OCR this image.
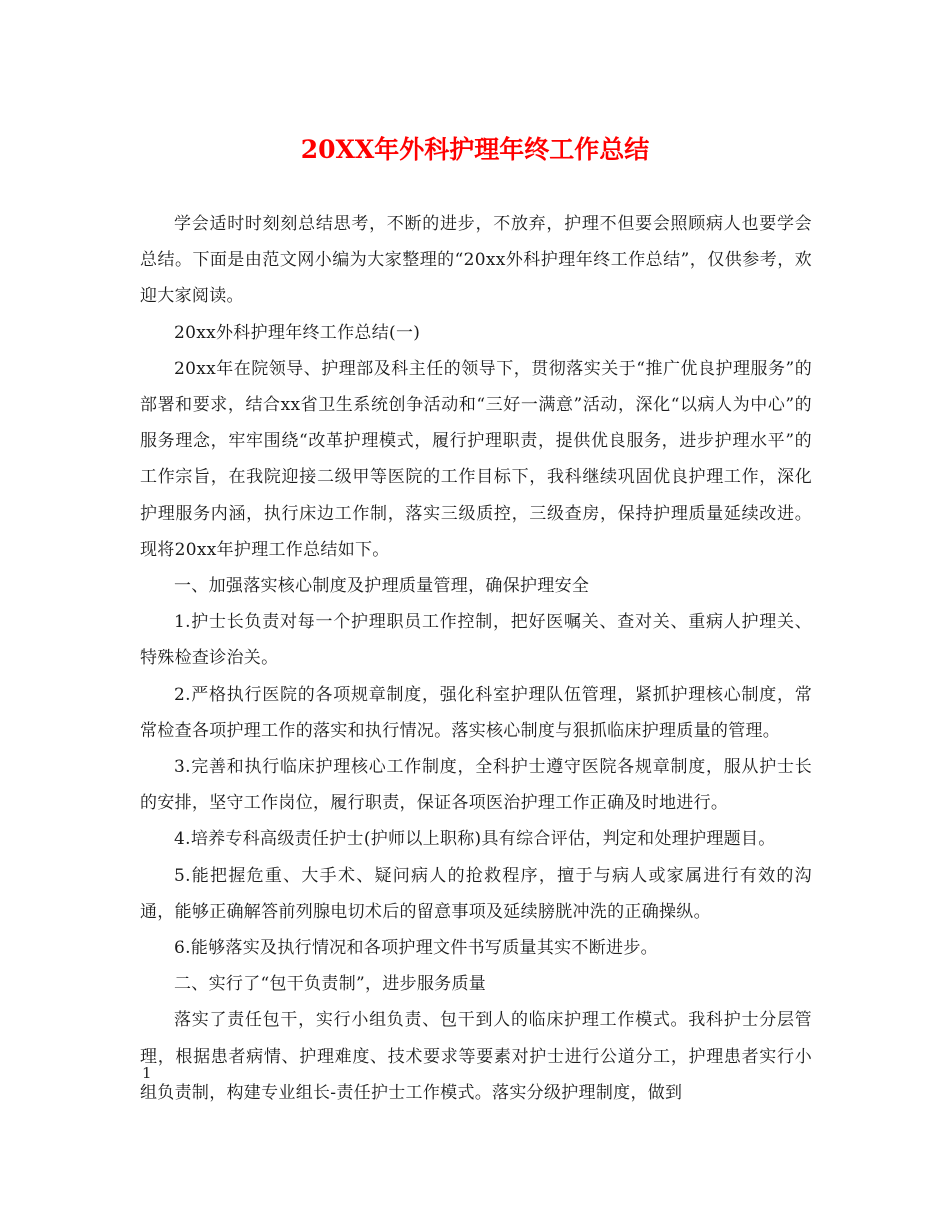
20XX年外科护理年终工作总结

学会适时时刻刻总结思考，不断的进步，不放弃，护理不但要会照顾病人也要学会总结。下面是由范文网小编为大家整理的“20xx外科护理年终工作总结”，仅供参考，欢迎大家阅读。

20xx外科护理年终工作总结(一)

20xx年在院领导、护理部及科主任的领导下，贯彻落实关于“推广优良护理服务”的部署和要求，结合xx省卫生系统创争活动和“三好一满意”活动，深化“以病人为中心”的服务理念，牢牢围绕“改革护理模式，履行护理职责，提供优良服务，进步护理水平”的工作宗旨，在我院迎接二级甲等医院的工作目标下，我科继续巩固优良护理工作，深化护理服务内涵，执行床边工作制，落实三级质控，三级查房，保持护理质量延续改进。现将20xx年护理工作总结如下。

一、加强落实核心制度及护理质量管理，确保护理安全

1.护士长负责对每一个护理职员工作控制，把好医嘱关、查对关、重病人护理关、特殊检查诊治关。

2.严格执行医院的各项规章制度，强化科室护理队伍管理，紧抓护理核心制度，常常检查各项护理工作的落实和执行情况。落实核心制度与狠抓临床护理质量的管理。

3.完善和执行临床护理核心工作制度，全科护士遵守医院各规章制度，服从护士长的安排，坚守工作岗位，履行职责，保证各项医治护理工作正确及时地进行。

4.培养专科高级责任护士(护师以上职称)具有综合评估，判定和处理护理题目。

5.能把握危重、大手术、疑问病人的抢救程序，擅于与病人或家属进行有效的沟通，能够正确解答前列腺电切术后的留意事项及延续膀胱冲洗的正确操纵。

6.能够落实及执行情况和各项护理文件书写质量其实不断进步。

二、实行了“包干负责制”，进步服务质量

落实了责任包干，实行小组负责、包干到人的临床护理工作模式。我科护士分层管理，根据患者病情、护理难度、技术要求等要素对护士进行公道分工，护理患者实行小组负责制，构建专业组长-责任护士工作模式。落实分级护理制度，做到

1
